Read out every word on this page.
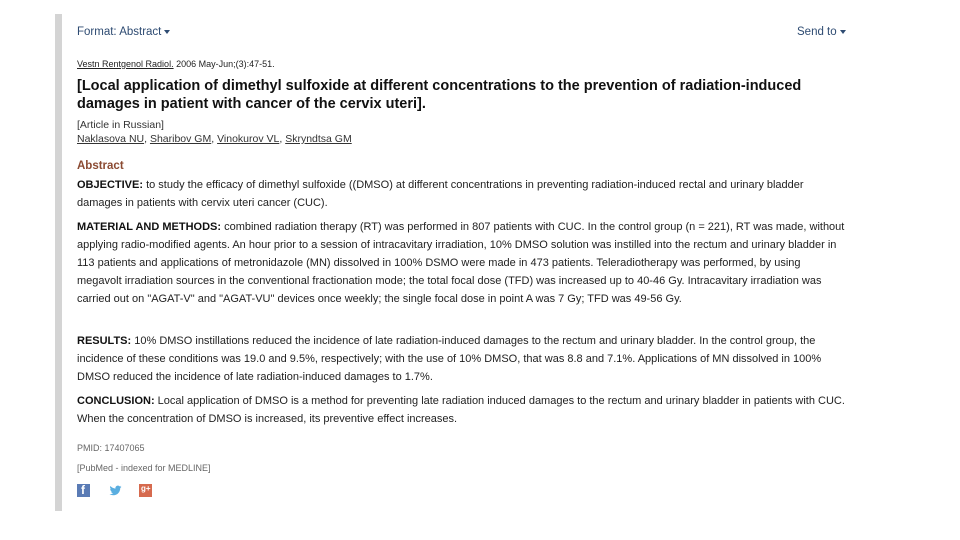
Format: Abstract	Send to
Vestn Rentgenol Radiol. 2006 May-Jun;(3):47-51.
[Local application of dimethyl sulfoxide at different concentrations to the prevention of radiation-induced damages in patient with cancer of the cervix uteri].
[Article in Russian]
Naklasova NU, Sharibov GM, Vinokurov VL, Skryndtsa GM
Abstract
OBJECTIVE: to study the efficacy of dimethyl sulfoxide ((DMSO) at different concentrations in preventing radiation-induced rectal and urinary bladder damages in patients with cervix uteri cancer (CUC).
MATERIAL AND METHODS: combined radiation therapy (RT) was performed in 807 patients with CUC. In the control group (n = 221), RT was made, without applying radio-modified agents. An hour prior to a session of intracavitary irradiation, 10% DMSO solution was instilled into the rectum and urinary bladder in 113 patients and applications of metronidazole (MN) dissolved in 100% DSMO were made in 473 patients. Teleradiotherapy was performed, by using megavolt irradiation sources in the conventional fractionation mode; the total focal dose (TFD) was increased up to 40-46 Gy. Intracavitary irradiation was carried out on "AGAT-V" and "AGAT-VU" devices once weekly; the single focal dose in point A was 7 Gy; TFD was 49-56 Gy.
RESULTS: 10% DMSO instillations reduced the incidence of late radiation-induced damages to the rectum and urinary bladder. In the control group, the incidence of these conditions was 19.0 and 9.5%, respectively; with the use of 10% DMSO, that was 8.8 and 7.1%. Applications of MN dissolved in 100% DMSO reduced the incidence of late radiation-induced damages to 1.7%.
CONCLUSION: Local application of DMSO is a method for preventing late radiation induced damages to the rectum and urinary bladder in patients with CUC. When the concentration of DMSO is increased, its preventive effect increases.
PMID: 17407065
[PubMed - indexed for MEDLINE]
f	g+
